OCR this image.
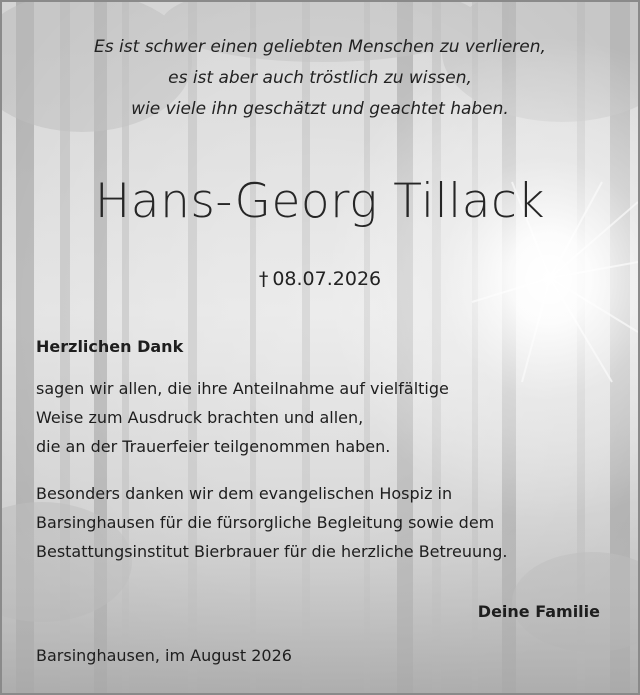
Es ist schwer einen geliebten Menschen zu verlieren,
es ist aber auch tröstlich zu wissen,
wie viele ihn geschätzt und geachtet haben.
Hans-Georg Tillack
† 08.07.2026
Herzlichen Dank
sagen wir allen, die ihre Anteilnahme auf vielfältige
Weise zum Ausdruck brachten und allen,
die an der Trauerfeier teilgenommen haben.
Besonders danken wir dem evangelischen Hospiz in
Barsinghausen für die fürsorgliche Begleitung sowie dem
Bestattungsinstitut Bierbrauer für die herzliche Betreuung.
Deine Familie
Barsinghausen, im August 2026
